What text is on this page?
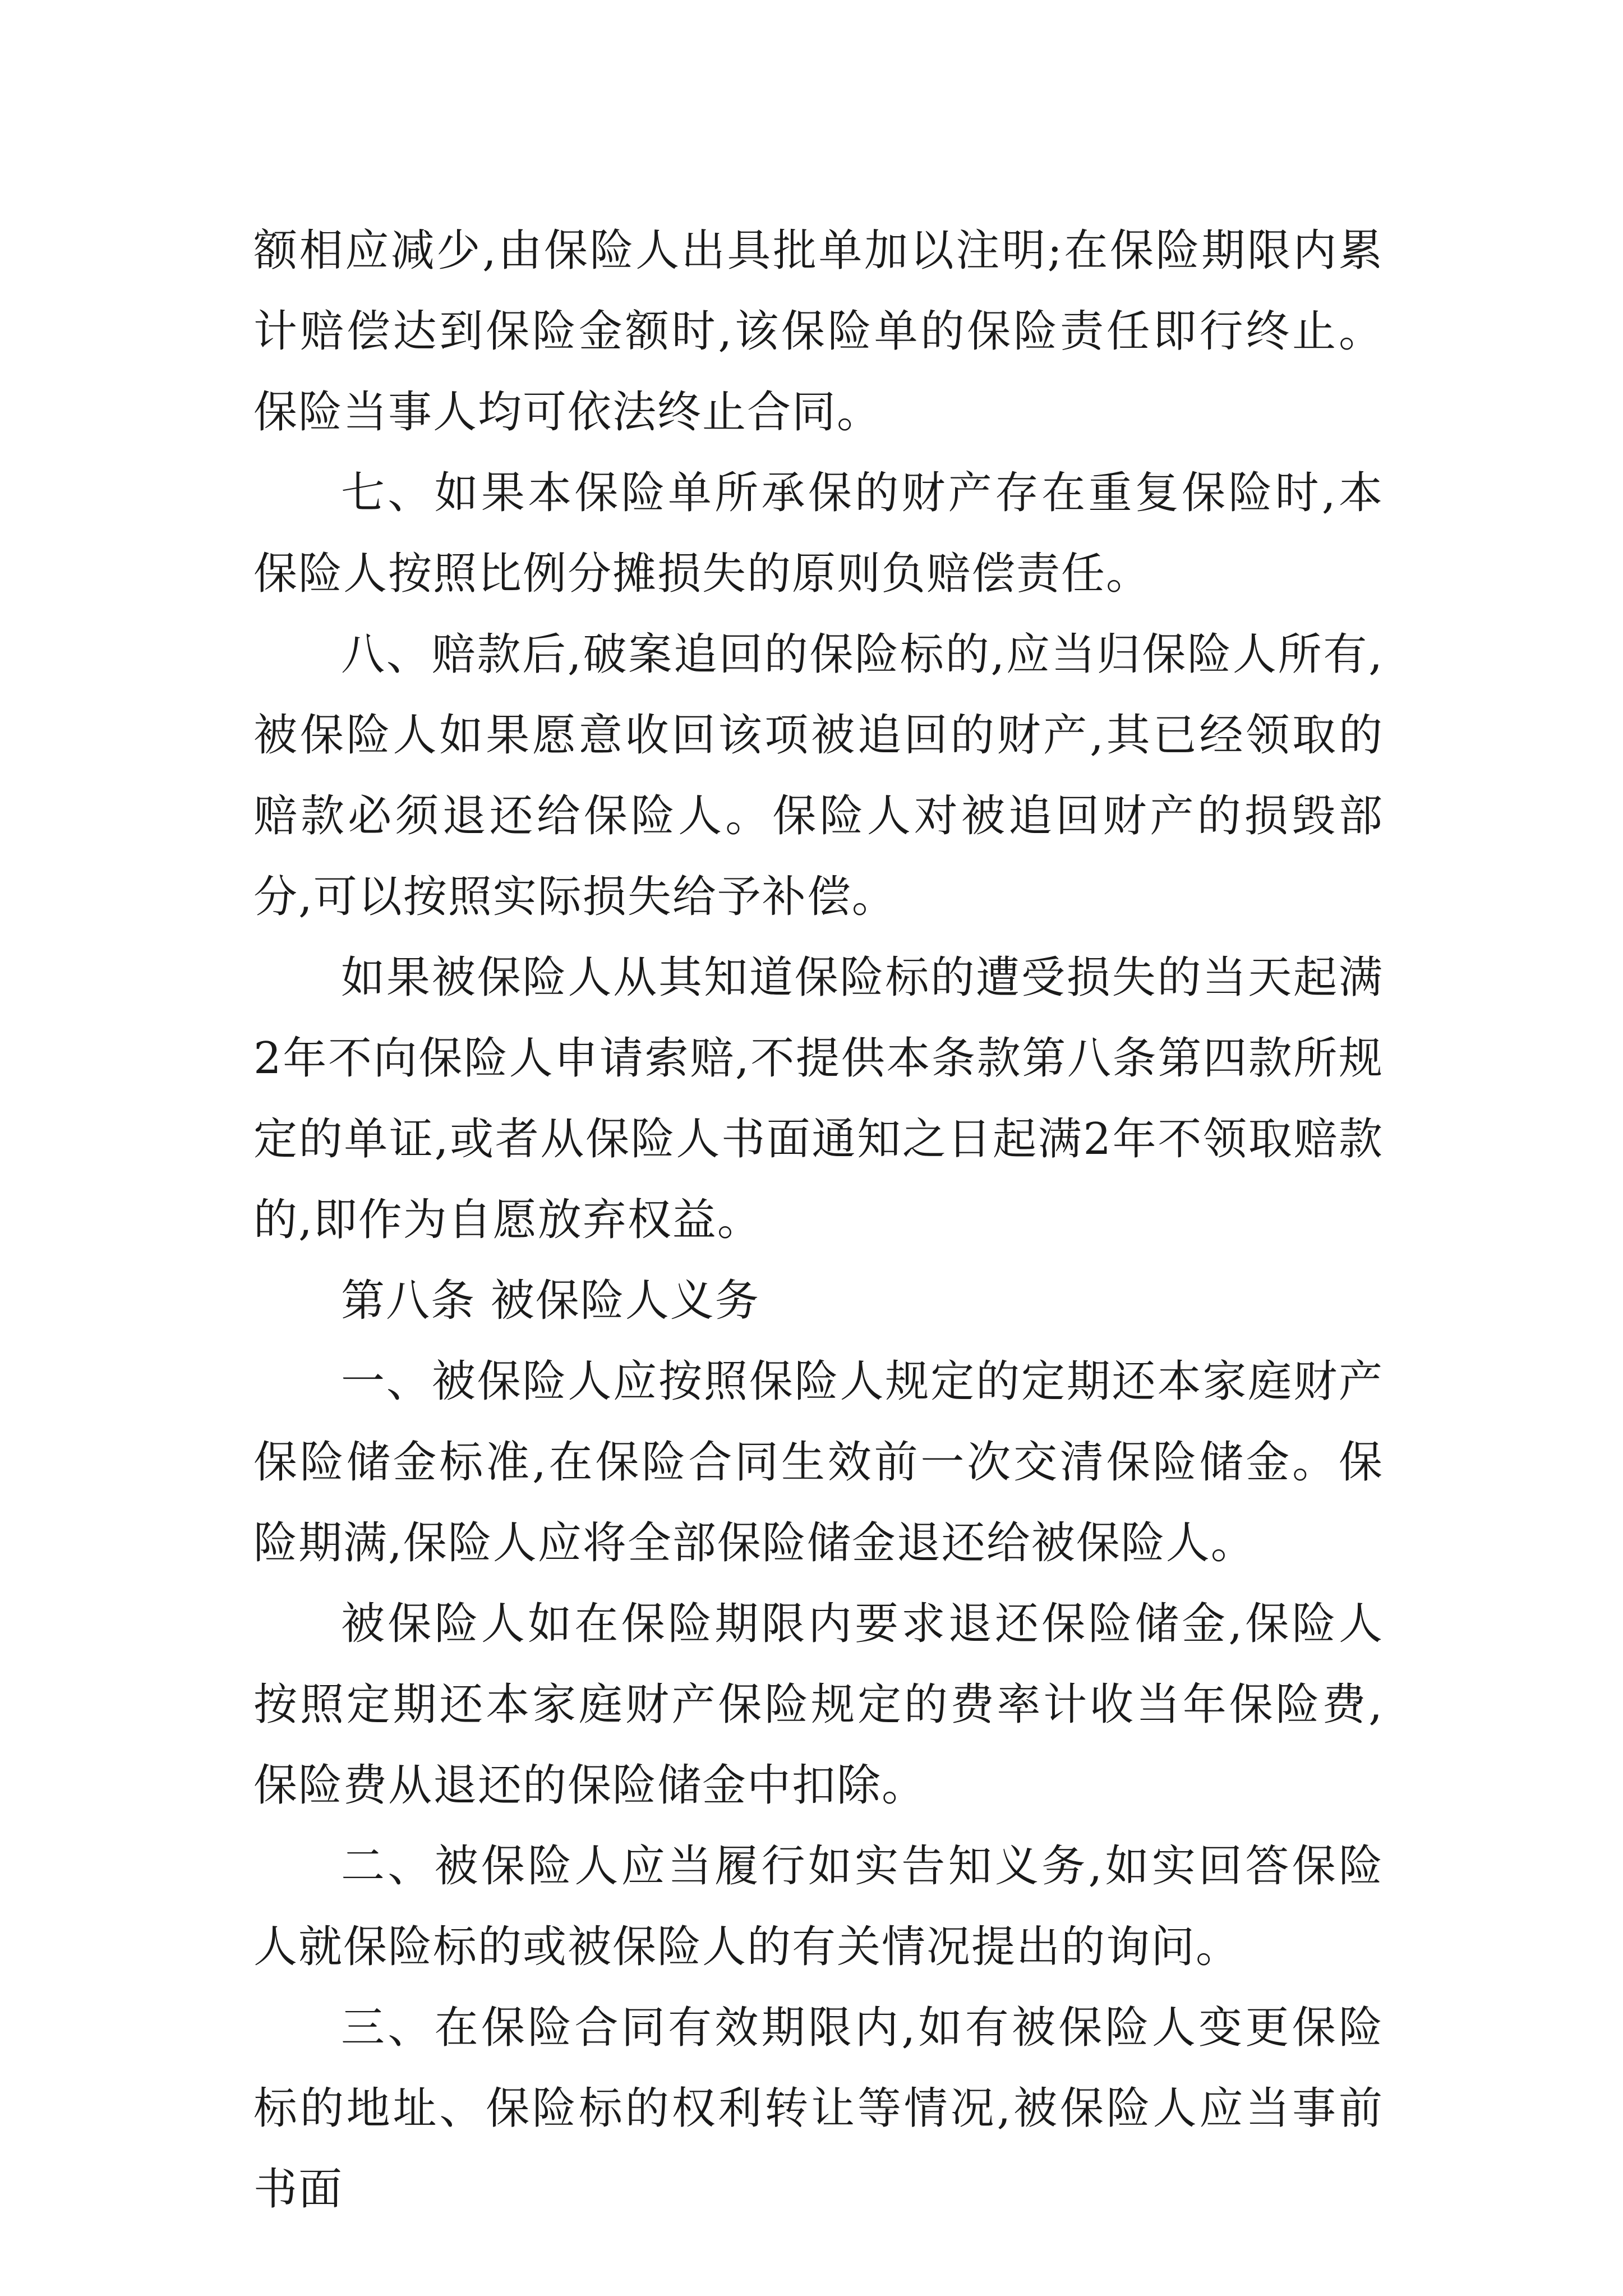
额相应减少,由保险人出具批单加以注明;在保险期限内累计赔偿达到保险金额时,该保险单的保险责任即行终止。保险当事人均可依法终止合同。

七、如果本保险单所承保的财产存在重复保险时,本保险人按照比例分摊损失的原则负赔偿责任。

八、赔款后,破案追回的保险标的,应当归保险人所有,被保险人如果愿意收回该项被追回的财产,其已经领取的赔款必须退还给保险人。保险人对被追回财产的损毁部分,可以按照实际损失给予补偿。

如果被保险人从其知道保险标的遭受损失的当天起满2年不向保险人申请索赔,不提供本条款第八条第四款所规定的单证,或者从保险人书面通知之日起满2年不领取赔款的,即作为自愿放弃权益。

第八条 被保险人义务

一、被保险人应按照保险人规定的定期还本家庭财产保险储金标准,在保险合同生效前一次交清保险储金。保险期满,保险人应将全部保险储金退还给被保险人。

被保险人如在保险期限内要求退还保险储金,保险人按照定期还本家庭财产保险规定的费率计收当年保险费,保险费从退还的保险储金中扣除。

二、被保险人应当履行如实告知义务,如实回答保险人就保险标的或被保险人的有关情况提出的询问。

三、在保险合同有效期限内,如有被保险人变更保险标的地址、保险标的权利转让等情况,被保险人应当事前书面
